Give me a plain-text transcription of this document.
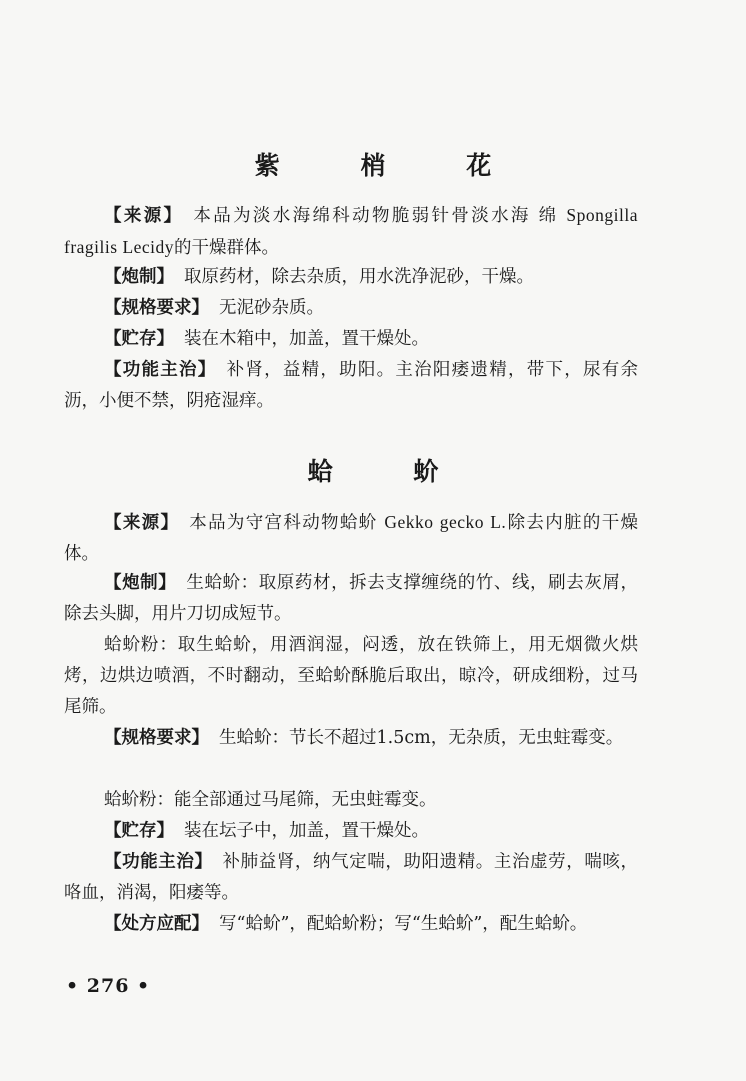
紫 梢 花
【来源】 本品为淡水海绵科动物脆弱针骨淡水海 绵 Spongilla fragilis Lecidy的干燥群体。
【炮制】 取原药材，除去杂质，用水洗净泥砂，干燥。
【规格要求】 无泥砂杂质。
【贮存】 装在木箱中，加盖，置干燥处。
【功能主治】 补肾，益精，助阳。主治阳痿遗精，带下，尿有余沥，小便不禁，阴疮湿痒。
蛤 蚧
【来源】 本品为守宫科动物蛤蚧 Gekko gecko L.除去内脏的干燥体。
【炮制】 生蛤蚧：取原药材，拆去支撑缠绕的竹、线，刷去灰屑，除去头脚，用片刀切成短节。
蛤蚧粉：取生蛤蚧，用酒润湿，闷透，放在铁筛上，用无烟微火烘烤，边烘边喷酒，不时翻动，至蛤蚧酥脆后取出，晾冷，研成细粉，过马尾筛。
【规格要求】 生蛤蚧：节长不超过1.5cm，无杂质，无虫蛀霉变。
蛤蚧粉：能全部通过马尾筛，无虫蛀霉变。
【贮存】 装在坛子中，加盖，置干燥处。
【功能主治】 补肺益肾，纳气定喘，助阳遗精。主治虚劳，喘咳，咯血，消渴，阳痿等。
【处方应配】 写“蛤蚧”，配蛤蚧粉；写“生蛤蚧”，配生蛤蚧。
• 276 •
